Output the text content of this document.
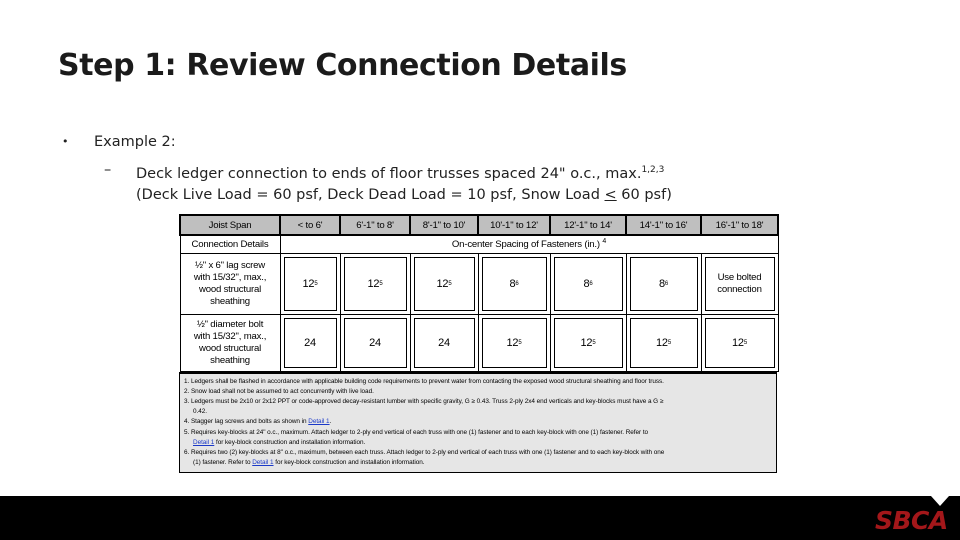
Step 1: Review Connection Details
• Example 2:
– Deck ledger connection to ends of floor trusses spaced 24" o.c., max.$^{1,2,3}$
(Deck Live Load = 60 psf, Deck Dead Load = 10 psf, Snow Load ≤ 60 psf)
Joist Span	< to 6'	6'-1" to 8'	8'-1" to 10'	10'-1" to 12'	12'-1" to 14'	14'-1" to 16'	16'-1" to 18'
Connection Details	On-center Spacing of Fasteners (in.) $^4$
½" x 6" lag screw
with 15/32", max.,
wood structural
sheathing	12 5	12 5	12 5	8 6	8 6	8 6	Use bolted connection

½" diameter bolt
with 15/32", max.,
wood structural
sheathing	24	24	24	12 5	12 5	12 5	12 5
1. Ledgers shall be flashed in accordance with applicable building code requirements to prevent water from contacting the exposed wood structural sheathing and floor truss.
2. Snow load shall not be assumed to act concurrently with live load.
3. Ledgers must be 2x10 or 2x12 PPT or code-approved decay-resistant lumber with specific gravity, G ≥ 0.43. Truss 2-ply 2x4 end verticals and key-blocks must have a G ≥
0.42.
4. Stagger lag screws and bolts as shown in Detail 1.
5. Requires key-blocks at 24" o.c., maximum. Attach ledger to 2-ply end vertical of each truss with one (1) fastener and to each key-block with one (1) fastener. Refer to
Detail 1 for key-block construction and installation information.
6. Requires two (2) key-blocks at 8" o.c., maximum, between each truss. Attach ledger to 2-ply end vertical of each truss with one (1) fastener and to each key-block with one
(1) fastener. Refer to Detail 1 for key-block construction and installation information.
SBCA
